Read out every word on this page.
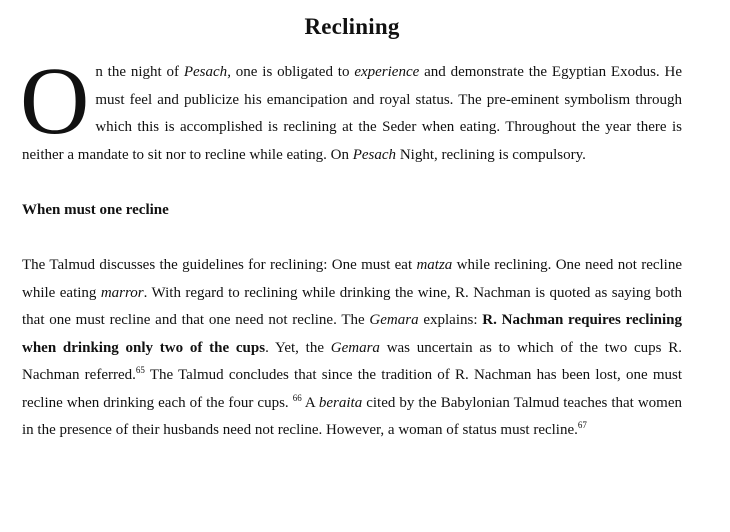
Reclining

On the night of Pesach, one is obligated to experience and demonstrate the Egyptian Exodus. He must feel and publicize his emancipation and royal status. The pre-eminent symbolism through which this is accomplished is reclining at the Seder when eating. Throughout the year there is neither a mandate to sit nor to recline while eating. On Pesach Night, reclining is compulsory.

When must one recline

The Talmud discusses the guidelines for reclining: One must eat matza while reclining. One need not recline while eating marror. With regard to reclining while drinking the wine, R. Nachman is quoted as saying both that one must recline and that one need not recline. The Gemara explains: R. Nachman requires reclining when drinking only two of the cups. Yet, the Gemara was uncertain as to which of the two cups R. Nachman referred.$^{65}$ The Talmud concludes that since the tradition of R. Nachman has been lost, one must recline when drinking each of the four cups. $^{66}$ A beraita cited by the Babylonian Talmud teaches that women in the presence of their husbands need not recline. However, a woman of status must recline.$^{67}$
